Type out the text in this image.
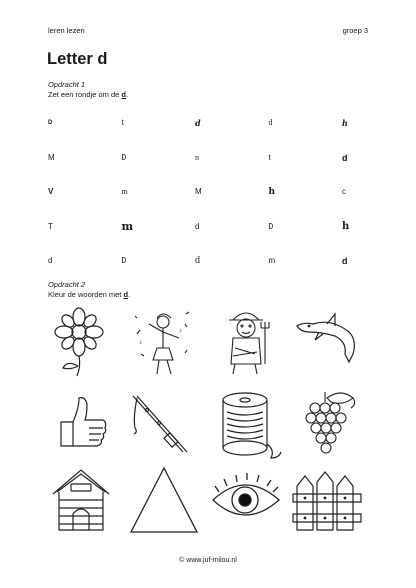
leren lezen	groep 3
Letter d
Opdracht 1
Zet een rondje om de d.
D	t	d	d	h
M	D	n	t	d
V	m	M	h	c
T	m	d	D	h
d	D	d	m	d
Opdracht 2
Kleur de woorden met d.
♪
♪
© www.juf-milou.nl
